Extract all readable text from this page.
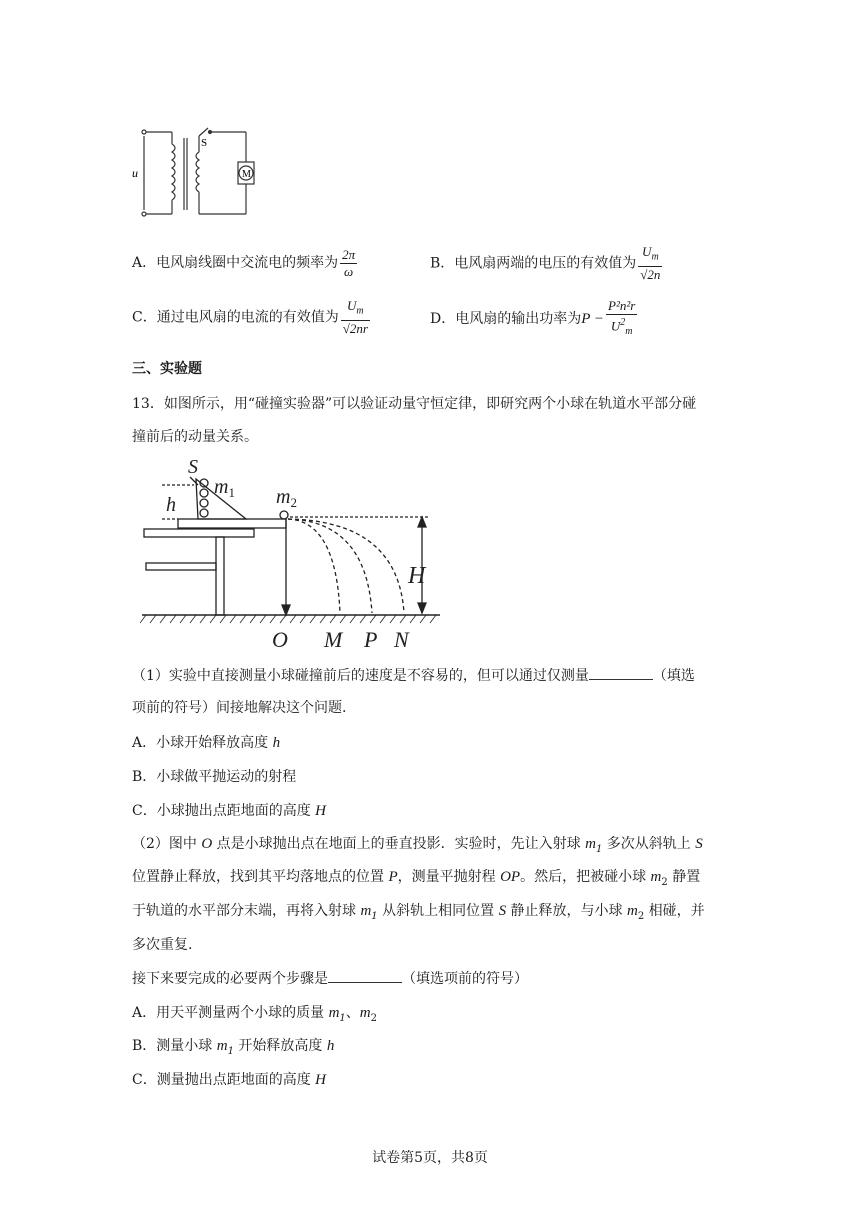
u
S
M
A．电风扇线圈中交流电的频率为 $\frac{2\pi}{\omega}$	B．电风扇两端的电压的有效值为 $\frac{U_m}{√2n}$
C．通过电风扇的电流的有效值为 $\frac{U_m}{√2nr}$	D．电风扇的输出功率为$P - \frac{\text{P²n²r}}{U^2_m}$
三、实验题
13．如图所示，用“碰撞实验器”可以验证动量守恒定律，即研究两个小球在轨道水平部分碰
撞前后的动量关系。
S
h
$m_1$ $m_2$
H
O M P N
（1）实验中直接测量小球碰撞前后的速度是不容易的，但可以通过仅测量	（填选
项前的符号）间接地解决这个问题.
A．小球开始释放高度 h
B．小球做平抛运动的射程
C．小球抛出点距地面的高度 H
（2）图中 O 点是小球抛出点在地面上的垂直投影．实验时，先让入射球 $m_1$ 多次从斜轨上 S
位置静止释放，找到其平均落地点的位置 P，测量平抛射程 OP。然后，把被碰小球 $m_2$ 静置
于轨道的水平部分末端，再将入射球 $m_1$ 从斜轨上相同位置 S 静止释放，与小球 $m_2$ 相碰，并
多次重复.
接下来要完成的必要两个步骤是	（填选项前的符号）
A．用天平测量两个小球的质量 $m_1$、$m_2$
B．测量小球 $m_1$ 开始释放高度 h
C．测量抛出点距地面的高度 H
试卷第5页，共8页
